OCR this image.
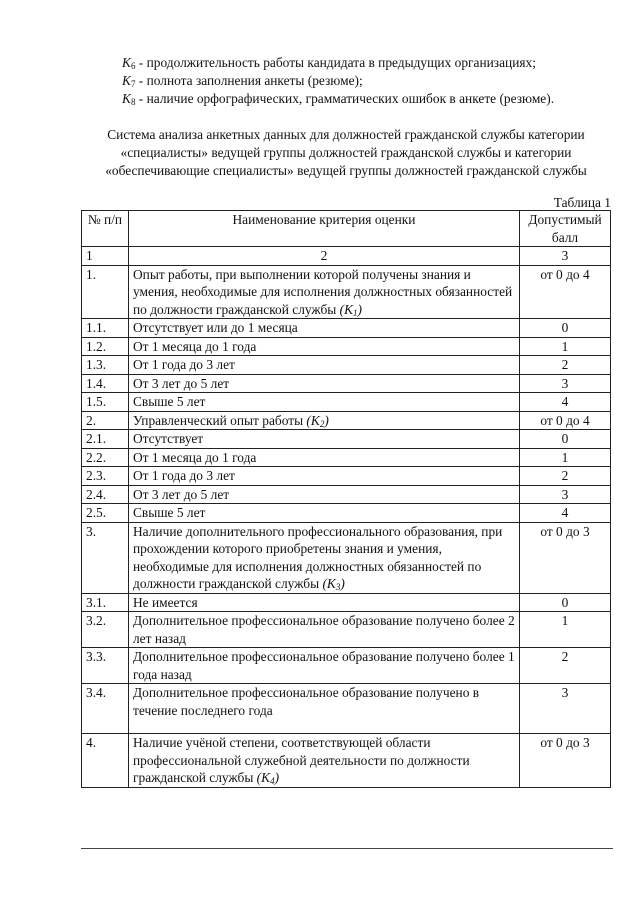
$K_6$ - продолжительность работы кандидата в предыдущих организациях;
$K_7$ - полнота заполнения анкеты (резюме);
$K_8$ - наличие орфографических, грамматических ошибок в анкете (резюме).
Система анализа анкетных данных для должностей гражданской службы категории «специалисты» ведущей группы должностей гражданской службы и категории «обеспечивающие специалисты» ведущей группы должностей гражданской службы
Таблица 1
№ п/п	Наименование критерия оценки	Допустимый балл
1	2	3
1.	Опыт работы, при выполнении которой получены знания и умения, необходимые для исполнения должностных обязанностей по должности гражданской службы $(K_1)$	от 0 до 4
1.1.	Отсутствует или до 1 месяца	0
1.2.	От 1 месяца до 1 года	1
1.3.	От 1 года до 3 лет	2
1.4.	От 3 лет до 5 лет	3
1.5.	Свыше 5 лет	4
2.	Управленческий опыт работы $(K_2)$	от 0 до 4
2.1.	Отсутствует	0
2.2.	От 1 месяца до 1 года	1
2.3.	От 1 года до 3 лет	2
2.4.	От 3 лет до 5 лет	3
2.5.	Свыше 5 лет	4
3.	Наличие дополнительного профессионального образования, при прохождении которого приобретены знания и умения, необходимые для исполнения должностных обязанностей по должности гражданской службы $(K_3)$	от 0 до 3
3.1.	Не имеется	0
3.2.	Дополнительное профессиональное образование получено более 2 лет назад	1
3.3.	Дополнительное профессиональное образование получено более 1 года назад	2
3.4.	Дополнительное профессиональное образование получено в течение последнего года	3
4.	Наличие учёной степени, соответствующей области профессиональной служебной деятельности по должности гражданской службы $(K_4)$	от 0 до 3
